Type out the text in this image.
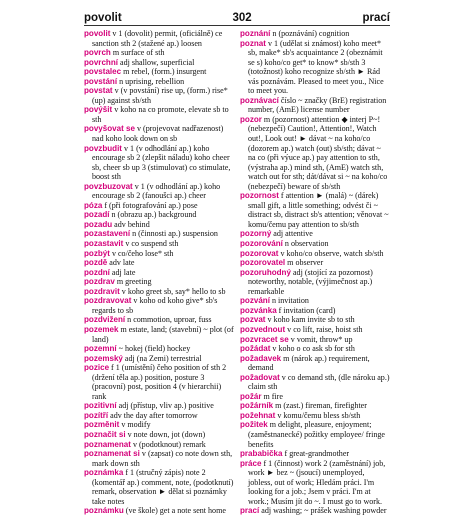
povolit	302	prací

povolit v 1 (dovolit) permit, (oficiálně) ce sanction sth 2 (stažené ap.) loosen

povrch m surface of sth

povrchní adj shallow, superficial

povstalec m rebel, (form.) insurgent

povstání n uprising, rebellion

povstat v (v povstání) rise up, (form.) rise* (up) against sb/sth

povýšit v koho na co promote, elevate sb to sth

povyšovat se v (projevovat nadřazenost) nad koho look down on sb

povzbudit v 1 (v odhodlání ap.) koho encourage sb 2 (zlepšit náladu) koho cheer sb, cheer sb up 3 (stimulovat) co stimulate, boost sth

povzbuzovat v 1 (v odhodlání ap.) koho encourage sb 2 (fanoušci ap.) cheer

póza f (při fotografování ap.) pose

pozadí n (obrazu ap.) background

pozadu adv behind

pozastavení n (činnosti ap.) suspension

pozastavit v co suspend sth

pozbýt v co/čeho lose* sth

pozdě adv late

pozdní adj late

pozdrav m greeting

pozdravit v koho greet sb, say* hello to sb

pozdravovat v koho od koho give* sb's regards to sb

pozdvižení n commotion, uproar, fuss

pozemek m estate, land; (stavební) ~ plot (of land)

pozemní ~ hokej (field) hockey

pozemský adj (na Zemi) terrestrial

pozice f 1 (umístění) čeho position of sth 2 (držení těla ap.) position, posture 3 (pracovní) post, position 4 (v hierarchii) rank

pozitivní adj (přístup, vliv ap.) positive

pozítří adv the day after tomorrow

pozměnit v modify

poznačit si v note down, jot (down)

poznamenat v (podotknout) remark

poznamenat si v (zapsat) co note down sth, mark down sth

poznámka f 1 (stručný zápis) note 2 (komentář ap.) comment, note, (podotknutí) remark, observation ► dělat si poznámky take notes

poznámku (ve škole) get a note sent home

poznání n (poznávání) cognition

poznat v 1 (udělat si známost) koho meet* sb, make* sb's acquaintance 2 (obeznámit se s) koho/co get* to know* sb/sth 3 (totožnost) koho recognize sb/sth ► Rád vás poznávám. Pleased to meet you., Nice to meet you.

poznávací číslo ~ značky (BrE) registration number, (AmE) license number

pozor m (pozornost) attention ◆ interj P~! (nebezpečí) Caution!, Attention!, Watch out!, Look out! ► dávat ~ na koho/co (dozorem ap.) watch (out) sb/sth; dávat ~ na co (při výuce ap.) pay attention to sth, (výstraha ap.) mind sth, (AmE) watch sth, watch out for sth; dát/dávat si ~ na koho/co (nebezpečí) beware of sb/sth

pozornost f attention ► (malá) ~ (dárek) small gift, a little something; odvést či ~ distract sb, distract sb's attention; věnovat ~ komu/čemu pay attention to sb/sth

pozorný adj attentive

pozorování n observation

pozorovat v koho/co observe, watch sb/sth

pozorovatel m observer

pozoruhodný adj (stojící za pozornost) noteworthy, notable, (výjimečnost ap.) remarkable

pozvání n invitation

pozvánka f invitation (card)

pozvat v koho kam invite sb to sth

pozvednout v co lift, raise, hoist sth

pozvracet se v vomit, throw* up

požádat v koho o co ask sb for sth

požadavek m (nárok ap.) requirement, demand

požadovat v co demand sth, (dle nároku ap.) claim sth

požár m fire

požárník m (zast.) fireman, firefighter

požehnat v komu/čemu bless sb/sth

požitek m delight, pleasure, enjoyment; (zaměstnanecké) požitky employee/ fringe benefits

prababička f great-grandmother

práce f 1 (činnost) work 2 (zaměstnání) job, work ► bez ~ (jsoucí) unemployed, jobless, out of work; Hledám práci. I'm looking for a job.; Jsem v práci. I'm at work.; Musím jít do ~. I must go to work.

prací adj washing; ~ prášek washing powder
